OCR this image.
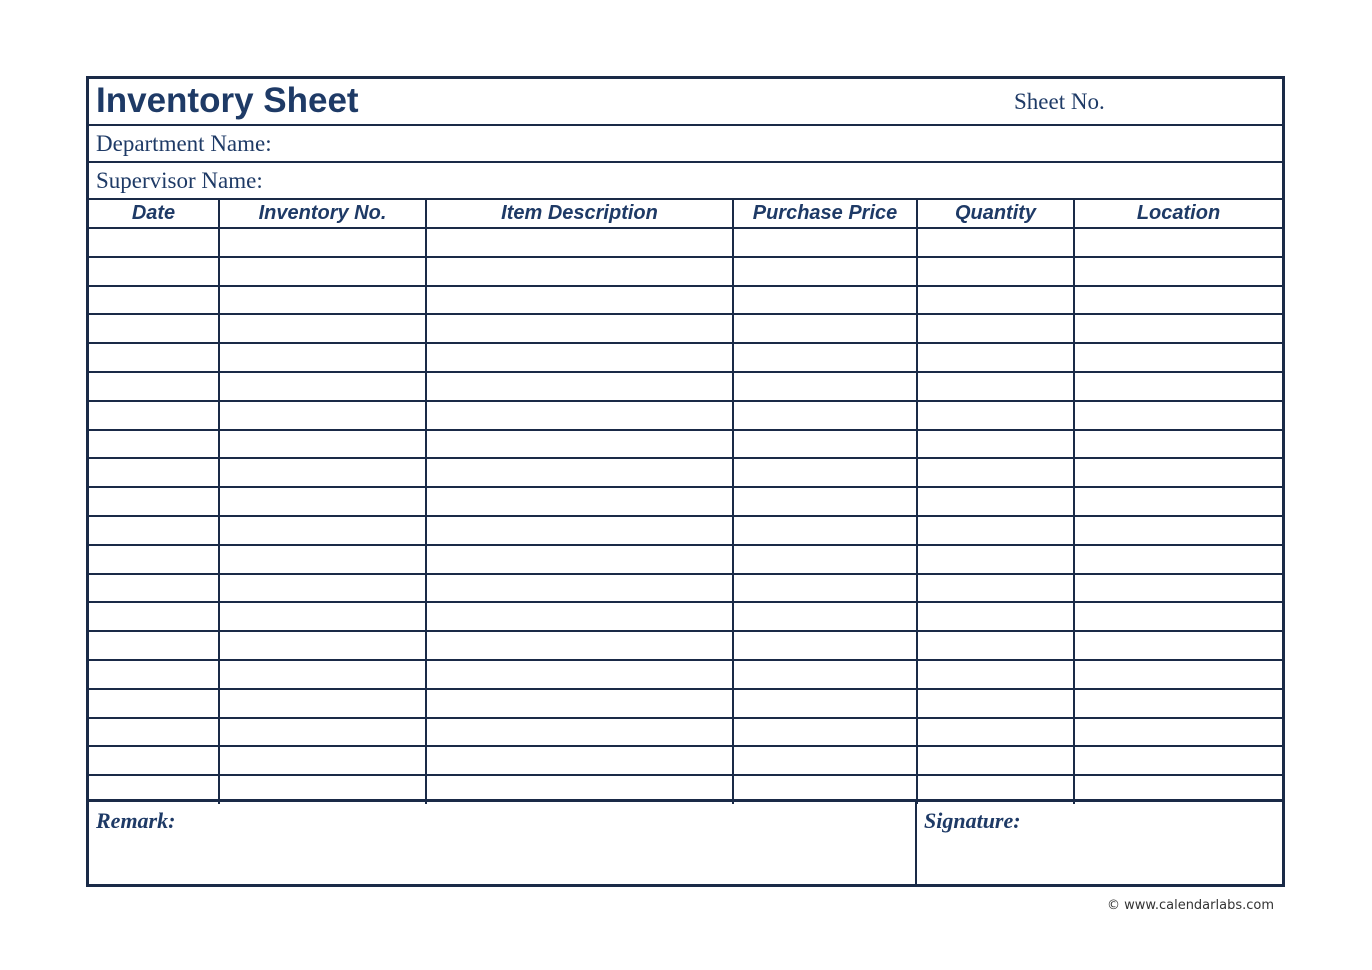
Inventory Sheet	Sheet No.
Department Name:
Supervisor Name:
Date	Inventory No.	Item Description	Purchase Price	Quantity	Location

Remark:	Signature:
© www.calendarlabs.com
